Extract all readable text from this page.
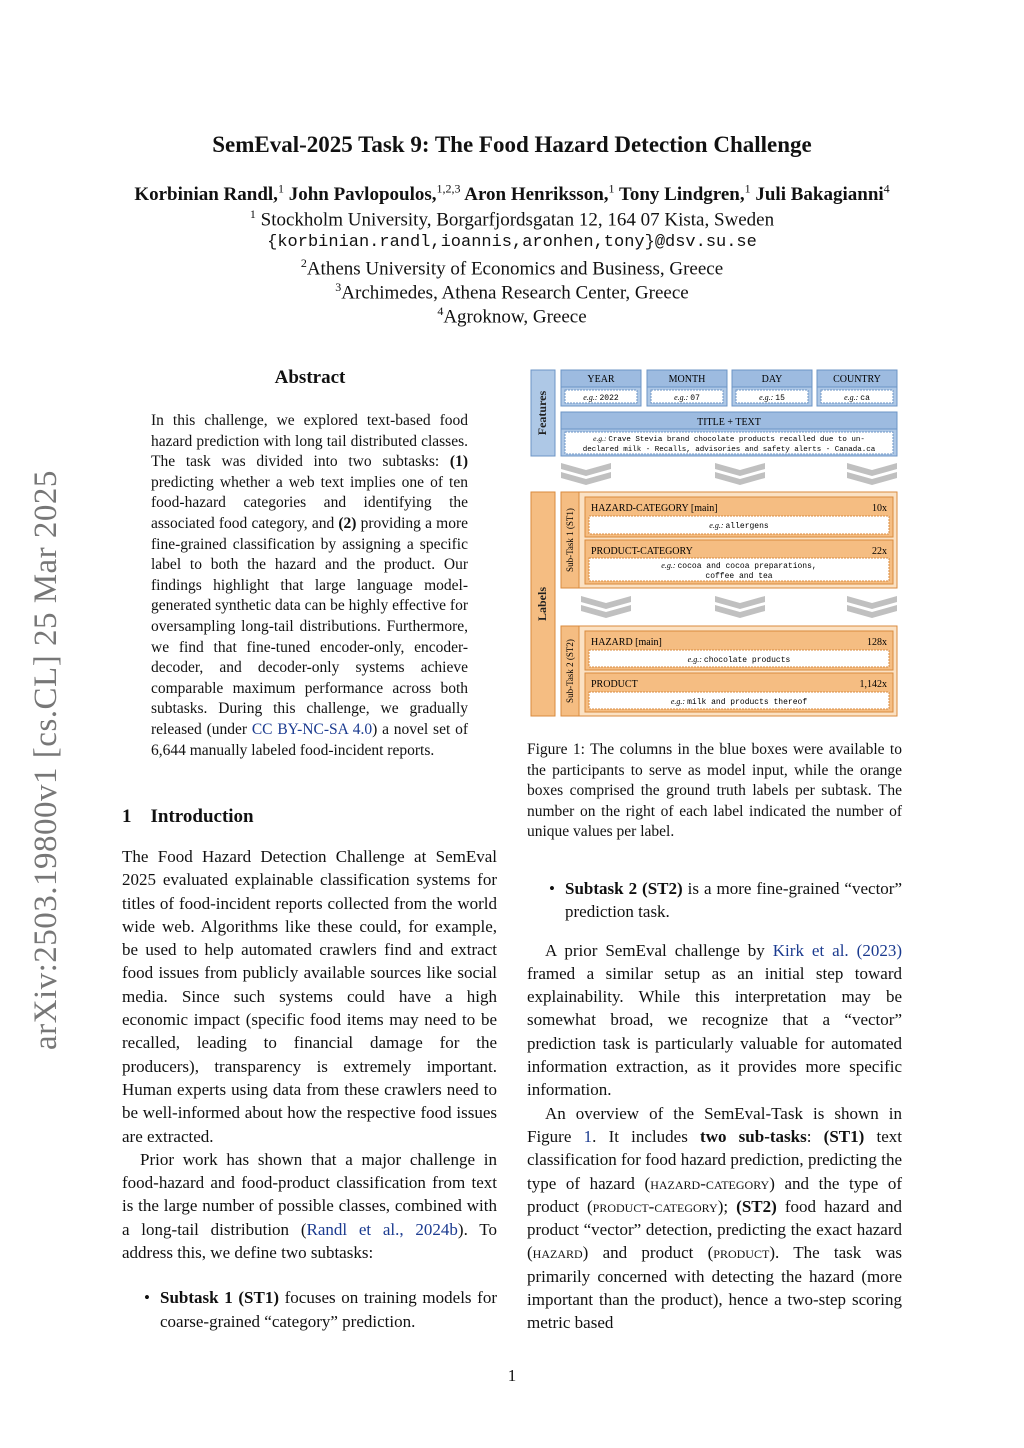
SemEval-2025 Task 9: The Food Hazard Detection Challenge
Korbinian Randl,$^1$ John Pavlopoulos,$^{1,2,3}$ Aron Henriksson,$^1$ Tony Lindgren,$^1$ Juli Bakagianni$^4$
$^1$ Stockholm University, Borgarfjordsgatan 12, 164 07 Kista, Sweden
{korbinian.randl,ioannis,aronhen,tony}@dsv.su.se
$^2$Athens University of Economics and Business, Greece
$^3$Archimedes, Athena Research Center, Greece
$^4$Agroknow, Greece
arXiv:2503.19800v1 [cs.CL] 25 Mar 2025
Abstract
In this challenge, we explored text-based food hazard prediction with long tail distributed classes. The task was divided into two subtasks: (1) predicting whether a web text implies one of ten food-hazard categories and identifying the associated food category, and (2) providing a more fine-grained classification by assigning a specific label to both the hazard and the product. Our findings highlight that large language model-generated synthetic data can be highly effective for oversampling long-tail distributions. Furthermore, we find that fine-tuned encoder-only, encoder-decoder, and decoder-only systems achieve comparable maximum performance across both subtasks. During this challenge, we gradually released (under CC BY-NC-SA 4.0) a novel set of 6,644 manually labeled food-incident reports.
1 Introduction

The Food Hazard Detection Challenge at SemEval 2025 evaluated explainable classification systems for titles of food-incident reports collected from the world wide web. Algorithms like these could, for example, be used to help automated crawlers find and extract food issues from publicly available sources like social media. Since such systems could have a high economic impact (specific food items may need to be recalled, leading to financial damage for the producers), transparency is extremely important. Human experts using data from these crawlers need to be well-informed about how the respective food issues are extracted.

Prior work has shown that a major challenge in food-hazard and food-product classification from text is the large number of possible classes, combined with a long-tail distribution (Randl et al., 2024b). To address this, we define two subtasks:

• Subtask 1 (ST1) focuses on training models for coarse-grained “category” prediction.

• Subtask 2 (ST2) is a more fine-grained “vector” prediction task.

A prior SemEval challenge by Kirk et al. (2023) framed a similar setup as an initial step toward explainability. While this interpretation may be somewhat broad, we recognize that a “vector” prediction task is particularly valuable for automated information extraction, as it provides more specific information.

An overview of the SemEval-Task is shown in Figure 1. It includes two sub-tasks: (ST1) text classification for food hazard prediction, predicting the type of hazard (hazard-category) and the type of product (product-category); (ST2) food hazard and product “vector” detection, predicting the exact hazard (hazard) and product (product). The task was primarily concerned with detecting the hazard (more important than the product), hence a two-step scoring metric based

Features
YEAR
e.g.: 2022
MONTH
e.g.: 07
DAY
e.g.: 15
COUNTRY
e.g.: ca
TITLE + TEXT
e.g.: Crave Stevia brand chocolate products recalled due to un-
declared milk - Recalls, advisories and safety alerts - Canada.ca
Labels
Sub-Task 1 (ST1) HAZARD-CATEGORY [main]	10x
e.g.: allergens
PRODUCT-CATEGORY	22x
e.g.: cocoa and cocoa preparations,
coffee and tea
Sub-Task 2 (ST2) HAZARD [main]	128x
e.g.: chocolate products
PRODUCT	1,142x
e.g.: milk and products thereof
Figure 1: The columns in the blue boxes were available to the participants to serve as model input, while the orange boxes comprised the ground truth labels per subtask. The number on the right of each label indicated the number of unique values per label.
1
